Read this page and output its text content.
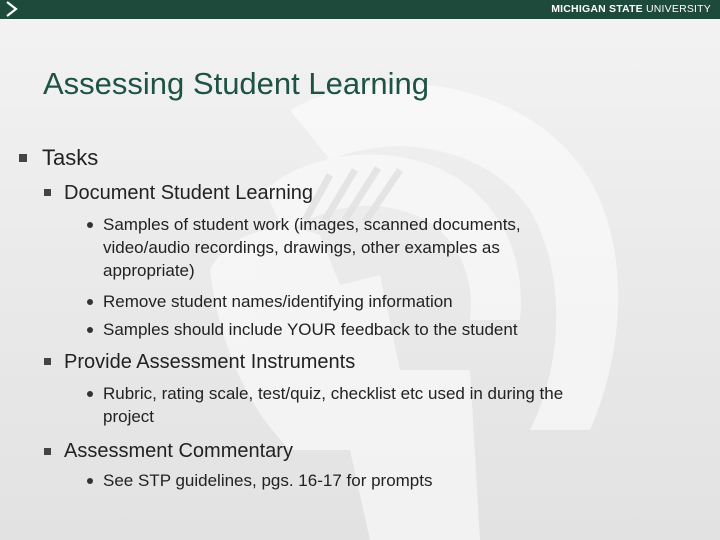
MICHIGAN STATE UNIVERSITY
Assessing Student Learning
Tasks
Document Student Learning
Samples of student work (images, scanned documents,
video/audio recordings, drawings, other examples as
appropriate)
Remove student names/identifying information
Samples should include YOUR feedback to the student
Provide Assessment Instruments
Rubric, rating scale, test/quiz, checklist etc used in during the
project
Assessment Commentary
See STP guidelines, pgs. 16-17 for prompts
